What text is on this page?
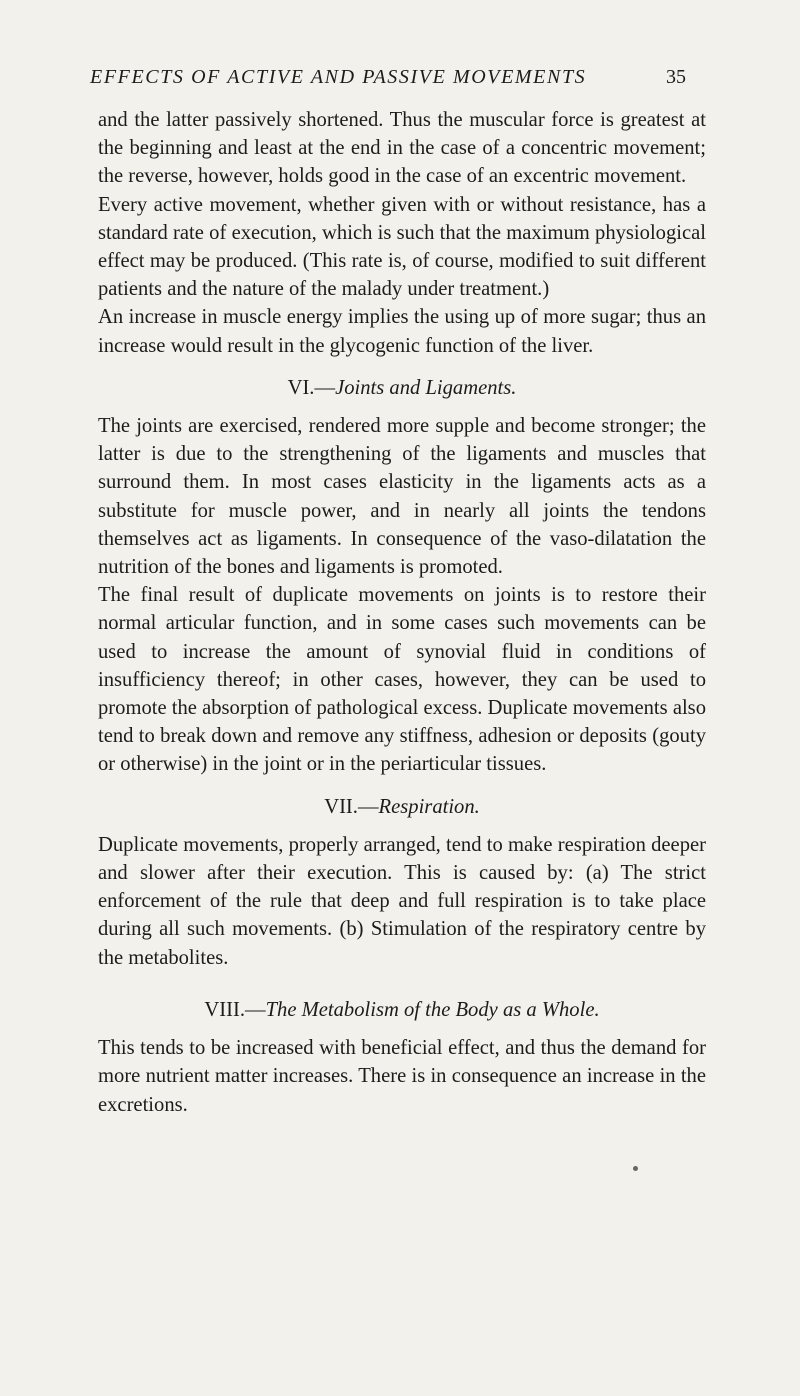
EFFECTS OF ACTIVE AND PASSIVE MOVEMENTS	35

and the latter passively shortened. Thus the muscular force is greatest at the beginning and least at the end in the case of a concentric movement; the reverse, however, holds good in the case of an excentric movement.

Every active movement, whether given with or without resistance, has a standard rate of execution, which is such that the maximum physiological effect may be produced. (This rate is, of course, modified to suit different patients and the nature of the malady under treatment.)

An increase in muscle energy implies the using up of more sugar; thus an increase would result in the glycogenic function of the liver.

VI.—Joints and Ligaments.

The joints are exercised, rendered more supple and become stronger; the latter is due to the strengthening of the ligaments and muscles that surround them. In most cases elasticity in the ligaments acts as a substitute for muscle power, and in nearly all joints the tendons themselves act as ligaments. In consequence of the vaso-dilatation the nutrition of the bones and ligaments is promoted.

The final result of duplicate movements on joints is to restore their normal articular function, and in some cases such movements can be used to increase the amount of synovial fluid in conditions of insufficiency thereof; in other cases, however, they can be used to promote the absorption of pathological excess. Duplicate movements also tend to break down and remove any stiffness, adhesion or deposits (gouty or otherwise) in the joint or in the periarticular tissues.

VII.—Respiration.

Duplicate movements, properly arranged, tend to make respiration deeper and slower after their execution. This is caused by: (a) The strict enforcement of the rule that deep and full respiration is to take place during all such movements. (b) Stimulation of the respiratory centre by the metabolites.

VIII.—The Metabolism of the Body as a Whole.

This tends to be increased with beneficial effect, and thus the demand for more nutrient matter increases. There is in consequence an increase in the excretions.
